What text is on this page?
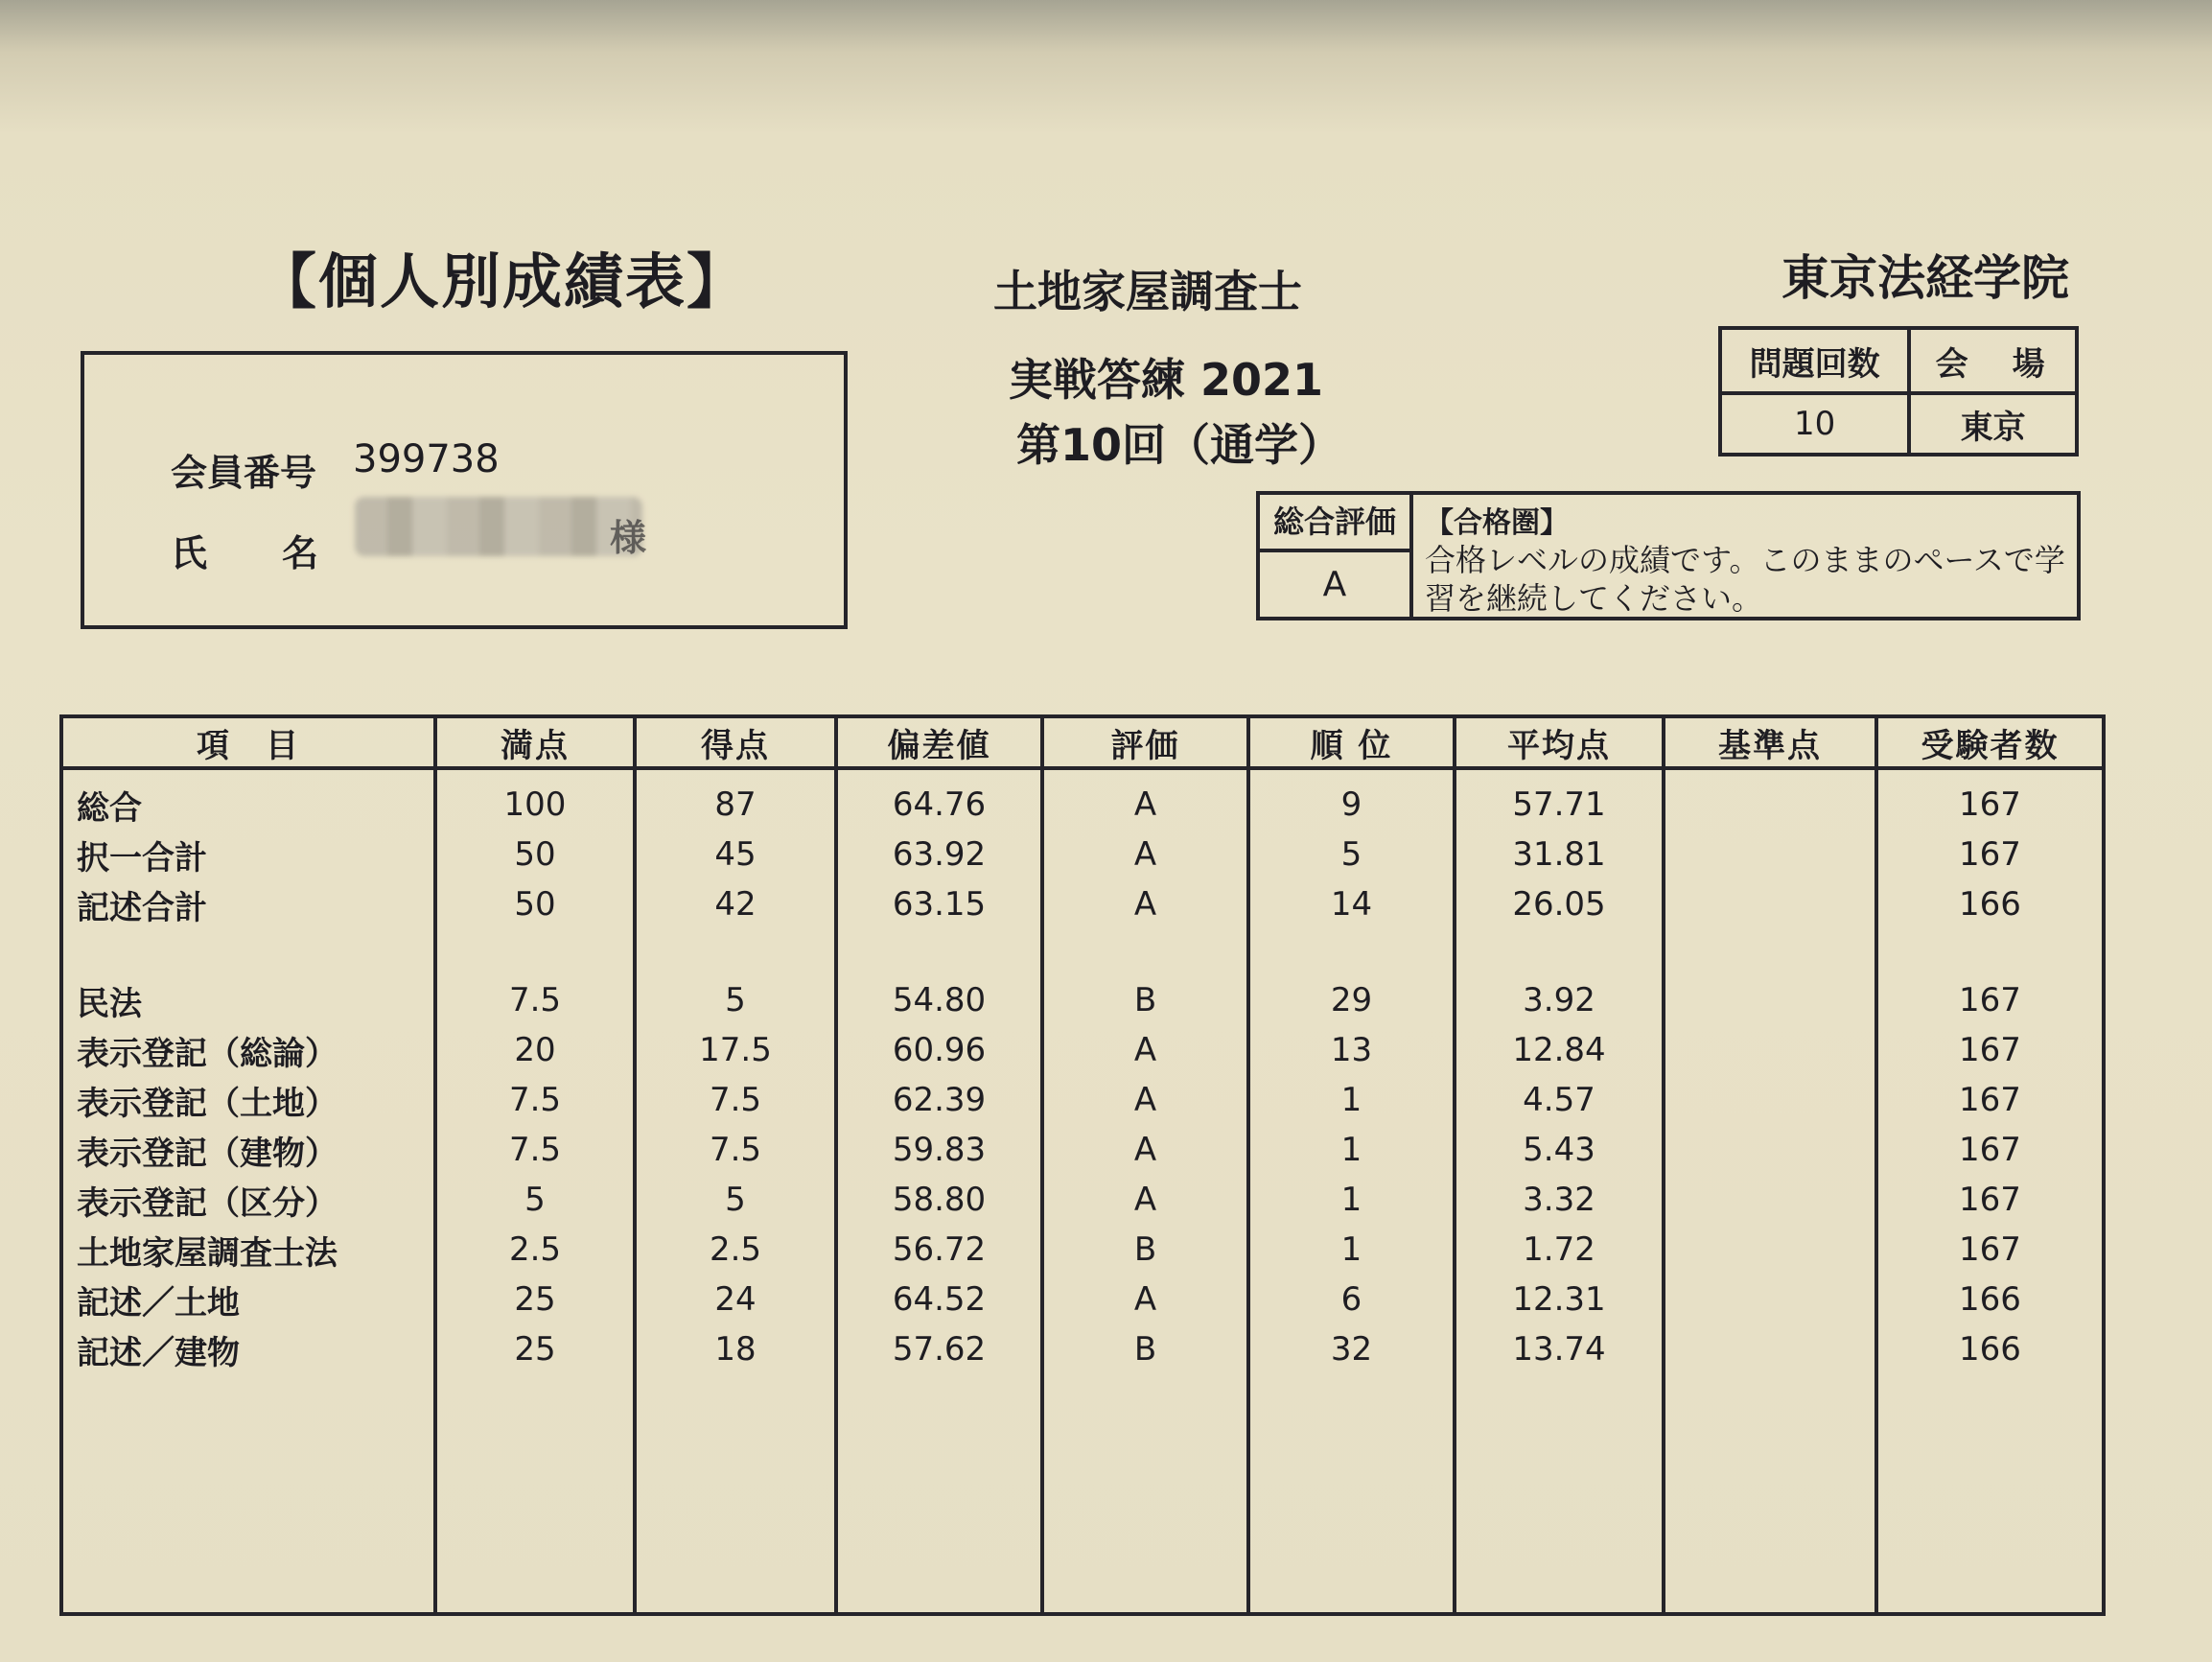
【個人別成績表】	土地家屋調査士
実戦答練 2021
第10回（通学）
東京法経学院
会員番号 399738
氏　名	様
問題回数	会　場
10	東京
総合評価
A
【合格圏】
合格レベルの成績です。このままのペースで学習を継続してください。
項　目	満点	得点	偏差値	評価	順 位	平均点	基準点	受験者数
総合	100	87	64.76	A	9	57.71		167
択一合計	50	45	63.92	A	5	31.81		167
記述合計	50	42	63.15	A	14	26.05		166

民法	7.5	5	54.80	B	29	3.92		167
表示登記（総論）	20	17.5	60.96	A	13	12.84		167
表示登記（土地）	7.5	7.5	62.39	A	1	4.57		167
表示登記（建物）	7.5	7.5	59.83	A	1	5.43		167
表示登記（区分）	5	5	58.80	A	1	3.32		167
土地家屋調査士法	2.5	2.5	56.72	B	1	1.72		167
記述／土地	25	24	64.52	A	6	12.31		166
記述／建物	25	18	57.62	B	32	13.74		166
